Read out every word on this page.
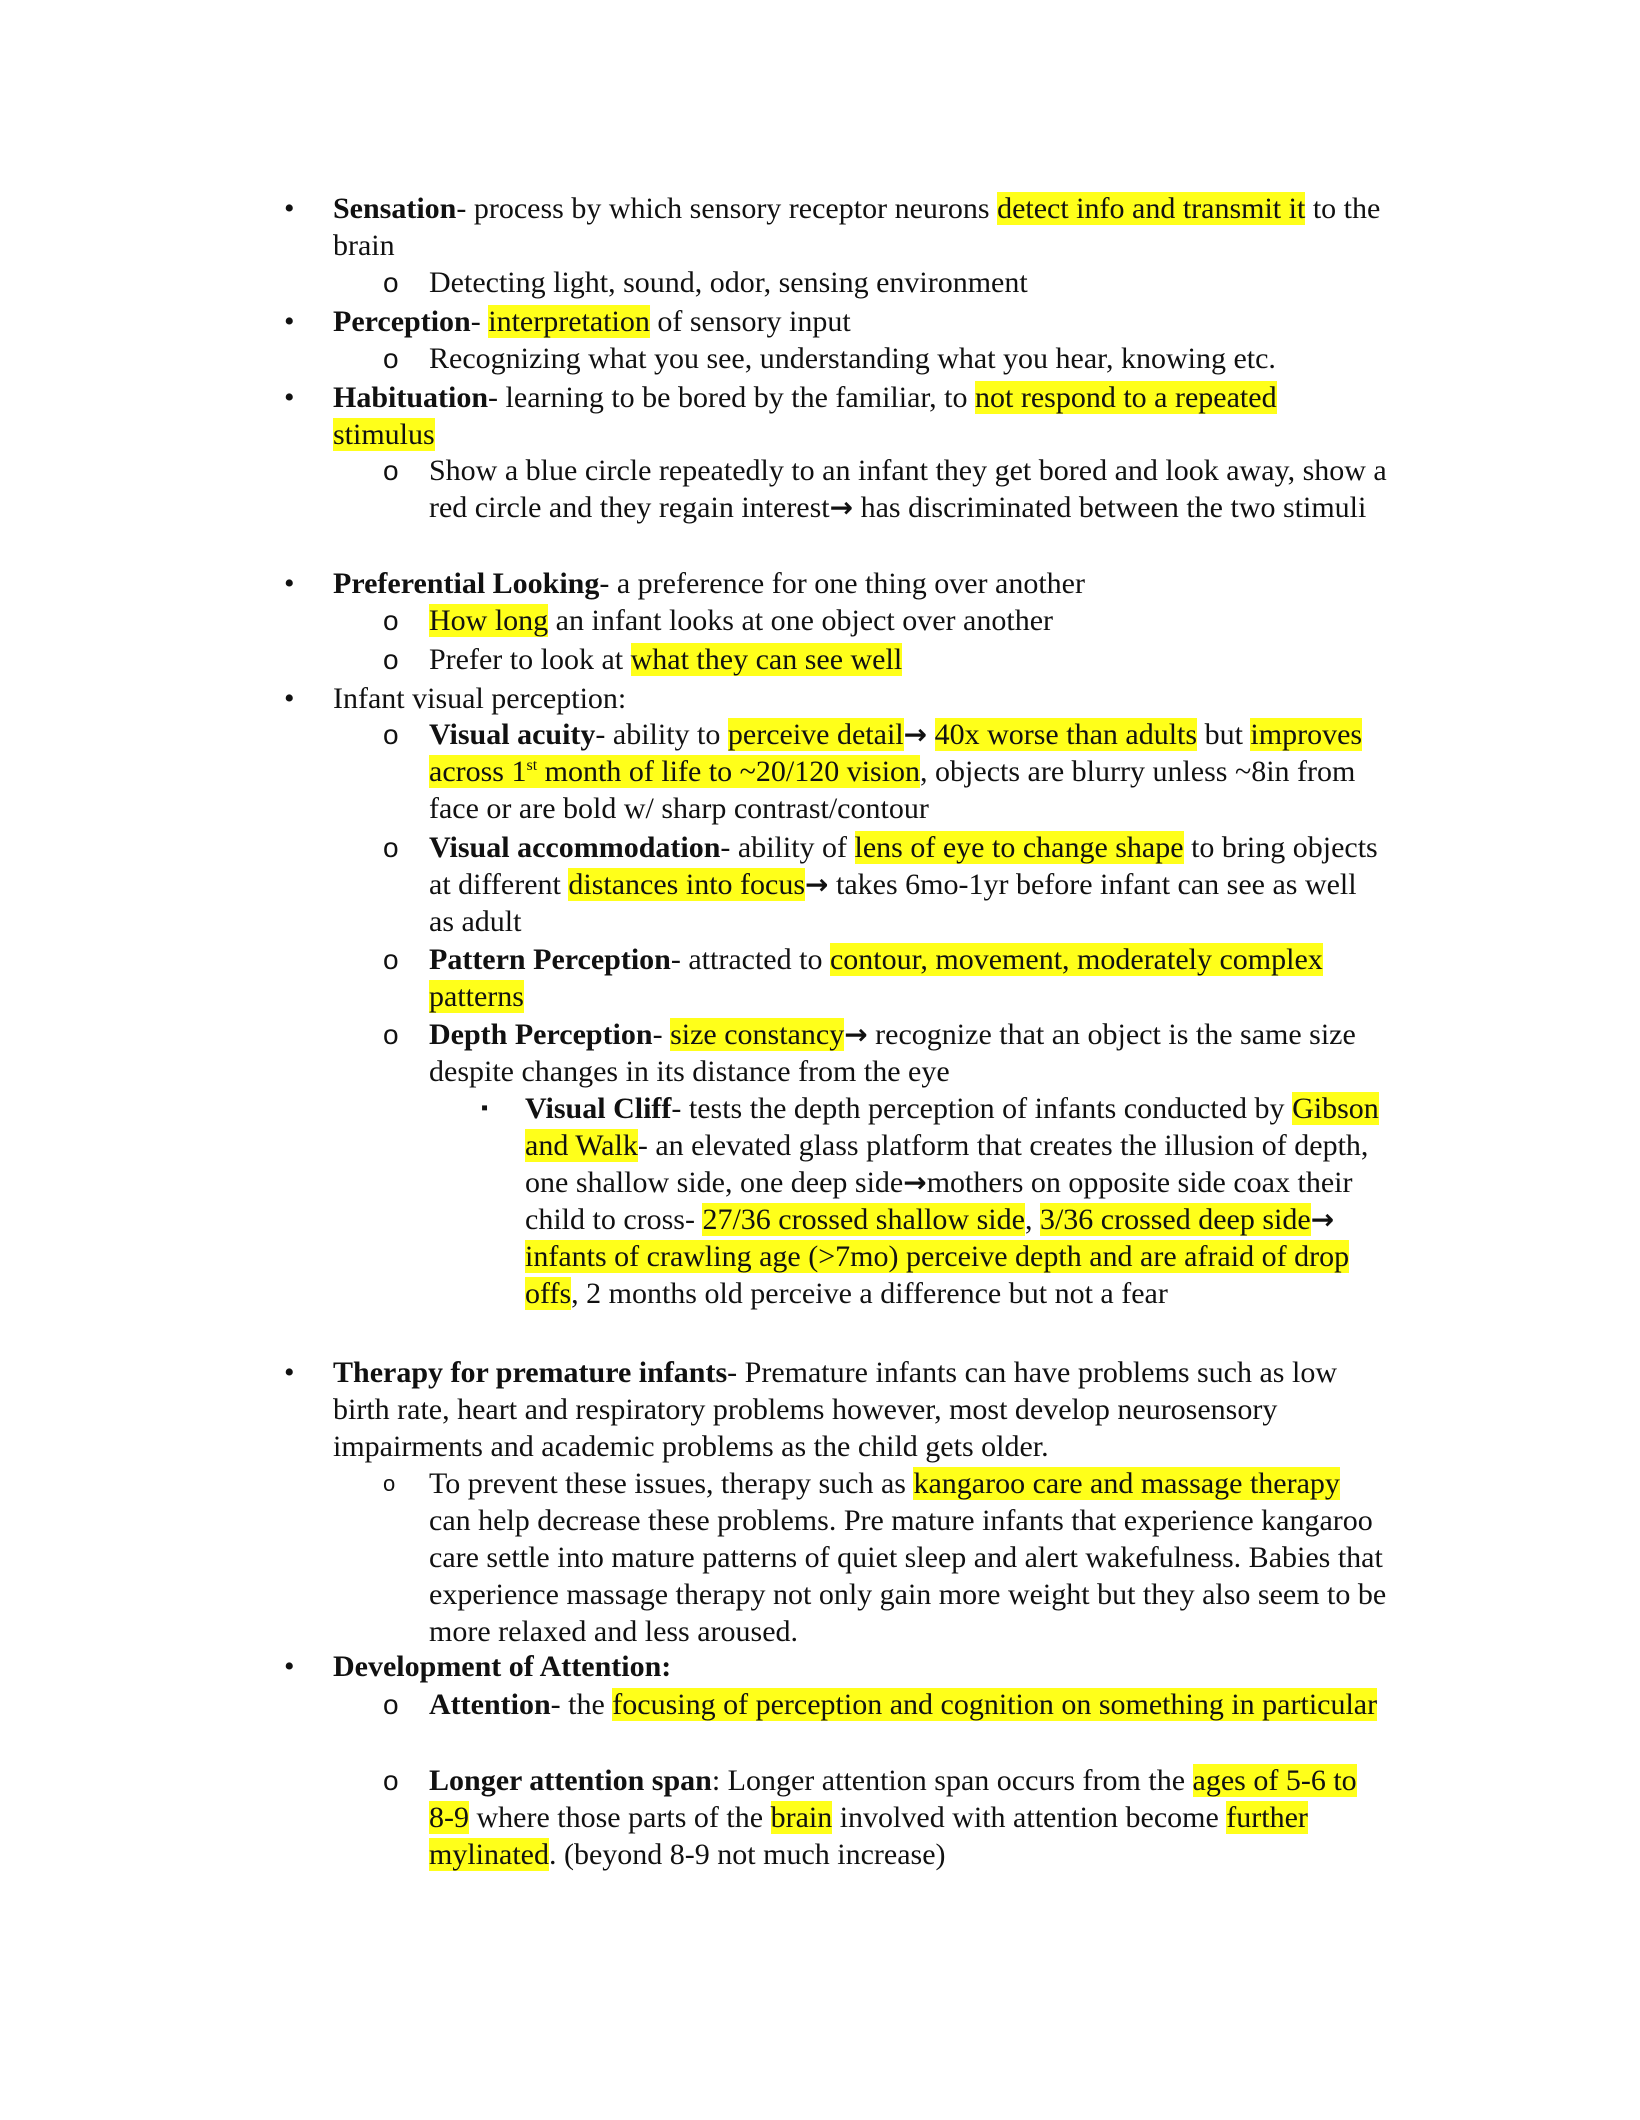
• Sensation- process by which sensory receptor neurons detect info and transmit it to the brain
o Detecting light, sound, odor, sensing environment
• Perception- interpretation of sensory input
o Recognizing what you see, understanding what you hear, knowing etc.
• Habituation- learning to be bored by the familiar, to not respond to a repeated stimulus
o Show a blue circle repeatedly to an infant they get bored and look away, show a red circle and they regain interest→ has discriminated between the two stimuli
• Preferential Looking- a preference for one thing over another
o How long an infant looks at one object over another
o Prefer to look at what they can see well
• Infant visual perception:
o Visual acuity- ability to perceive detail→ 40x worse than adults but improves across 1st month of life to ~20/120 vision, objects are blurry unless ~8in from face or are bold w/ sharp contrast/contour
o Visual accommodation- ability of lens of eye to change shape to bring objects at different distances into focus→ takes 6mo-1yr before infant can see as well as adult
o Pattern Perception- attracted to contour, movement, moderately complex patterns
o Depth Perception- size constancy→ recognize that an object is the same size despite changes in its distance from the eye
▪ Visual Cliff- tests the depth perception of infants conducted by Gibson and Walk- an elevated glass platform that creates the illusion of depth, one shallow side, one deep side→mothers on opposite side coax their child to cross- 27/36 crossed shallow side, 3/36 crossed deep side→ infants of crawling age (>7mo) perceive depth and are afraid of drop offs, 2 months old perceive a difference but not a fear
• Therapy for premature infants- Premature infants can have problems such as low birth rate, heart and respiratory problems however, most develop neurosensory impairments and academic problems as the child gets older.
o To prevent these issues, therapy such as kangaroo care and massage therapy can help decrease these problems. Pre mature infants that experience kangaroo care settle into mature patterns of quiet sleep and alert wakefulness. Babies that experience massage therapy not only gain more weight but they also seem to be more relaxed and less aroused.
• Development of Attention:
o Attention- the focusing of perception and cognition on something in particular
o Longer attention span: Longer attention span occurs from the ages of 5-6 to 8-9 where those parts of the brain involved with attention become further mylinated. (beyond 8-9 not much increase)
